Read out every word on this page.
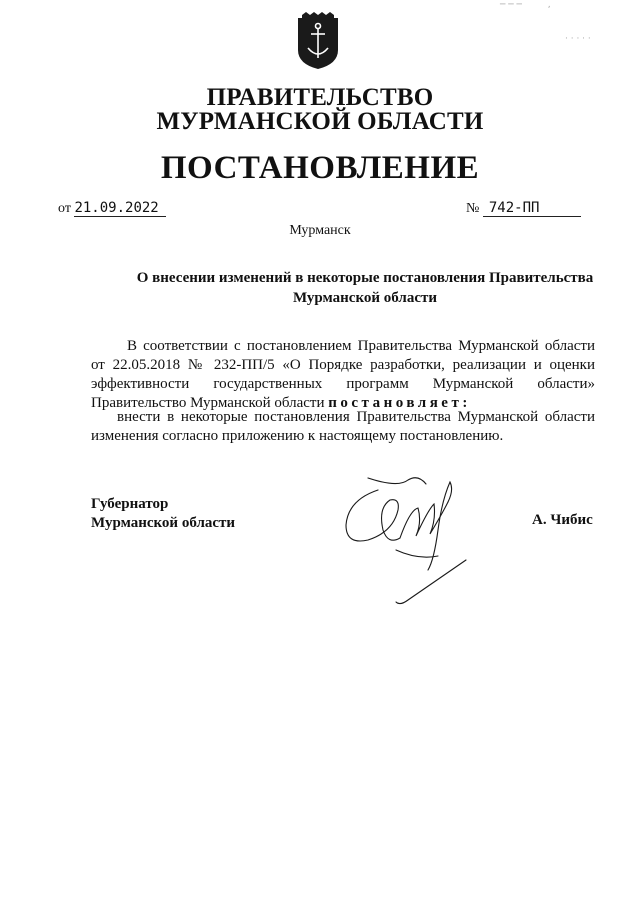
ПРАВИТЕЛЬСТВО
МУРМАНСКОЙ ОБЛАСТИ
ПОСТАНОВЛЕНИЕ
от 21.09.2022	№ 742-ПП
Мурманск
О внесении изменений в некоторые постановления Правительства
Мурманской области
В соответствии с постановлением Правительства Мурманской области от 22.05.2018 № 232-ПП/5 «О Порядке разработки, реализации и оценки эффективности государственных программ Мурманской области» Правительство Мурманской области постановляет:
внести в некоторые постановления Правительства Мурманской области изменения согласно приложению к настоящему постановлению.
Губернатор
Мурманской области	А. Чибис
─ ─ ─         ,
· · · · ·
